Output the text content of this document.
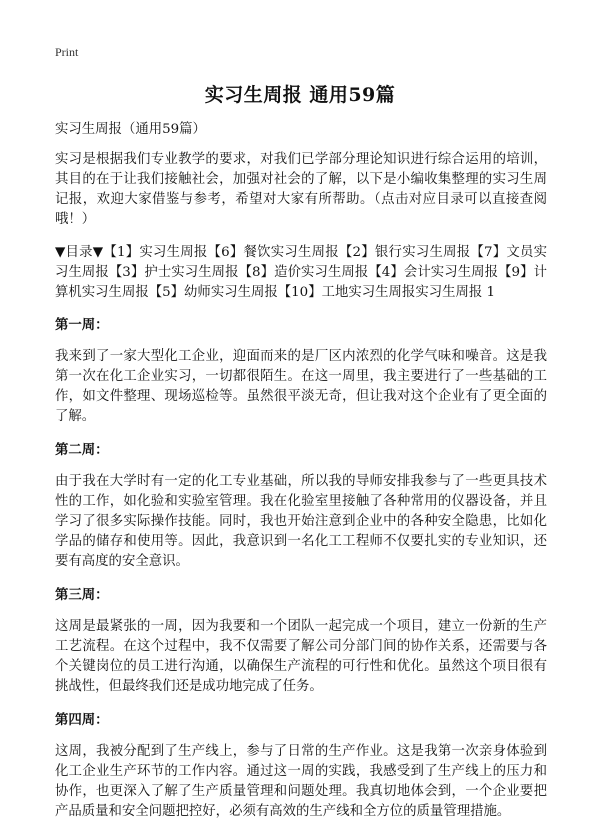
Print
实习生周报 通用59篇

实习生周报（通用59篇）

实习是根据我们专业教学的要求，对我们已学部分理论知识进行综合运用的培训，其目的在于让我们接触社会，加强对社会的了解，以下是小编收集整理的实习生周记报，欢迎大家借鉴与参考，希望对大家有所帮助。（点击对应目录可以直接查阅哦！）

▼目录▼【1】实习生周报【6】餐饮实习生周报【2】银行实习生周报【7】文员实习生周报【3】护士实习生周报【8】造价实习生周报【4】会计实习生周报【9】计算机实习生周报【5】幼师实习生周报【10】工地实习生周报实习生周报 1

第一周：

我来到了一家大型化工企业，迎面而来的是厂区内浓烈的化学气味和噪音。这是我第一次在化工企业实习，一切都很陌生。在这一周里，我主要进行了一些基础的工作，如文件整理、现场巡检等。虽然很平淡无奇，但让我对这个企业有了更全面的了解。

第二周：

由于我在大学时有一定的化工专业基础，所以我的导师安排我参与了一些更具技术性的工作，如化验和实验室管理。我在化验室里接触了各种常用的仪器设备，并且学习了很多实际操作技能。同时，我也开始注意到企业中的各种安全隐患，比如化学品的储存和使用等。因此，我意识到一名化工工程师不仅要扎实的专业知识，还要有高度的安全意识。

第三周：

这周是最紧张的一周，因为我要和一个团队一起完成一个项目，建立一份新的生产工艺流程。在这个过程中，我不仅需要了解公司分部门间的协作关系，还需要与各个关键岗位的员工进行沟通，以确保生产流程的可行性和优化。虽然这个项目很有挑战性，但最终我们还是成功地完成了任务。

第四周：

这周，我被分配到了生产线上，参与了日常的生产作业。这是我第一次亲身体验到化工企业生产环节的工作内容。通过这一周的实践，我感受到了生产线上的压力和协作，也更深入了解了生产质量管理和问题处理。我真切地体会到，一个企业要把产品质量和安全问题把控好，必须有高效的生产线和全方位的质量管理措施。
